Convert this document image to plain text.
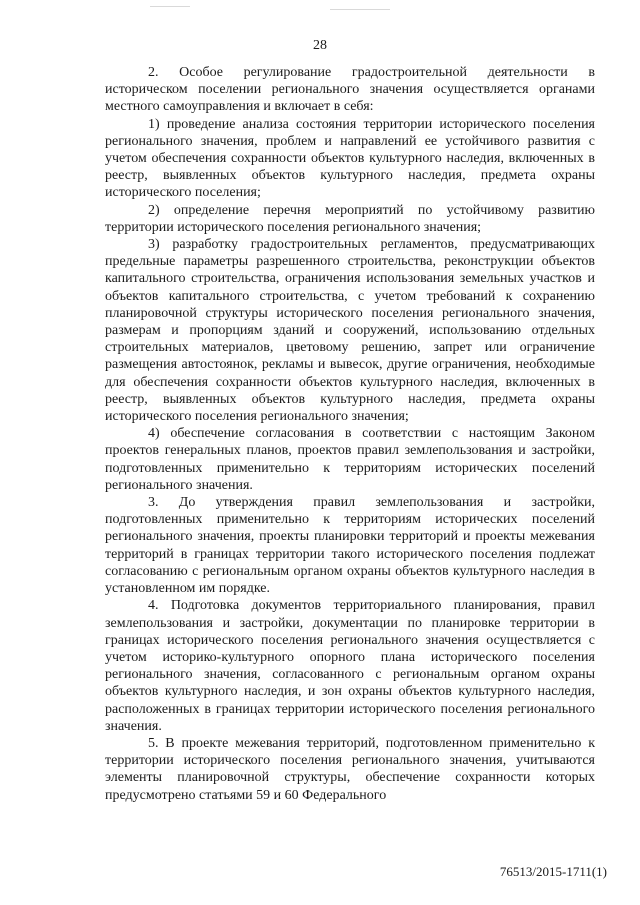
28

2. Особое регулирование градостроительной деятельности в историческом поселении регионального значения осуществляется органами местного самоуправления и включает в себя:

1) проведение анализа состояния территории исторического поселения регионального значения, проблем и направлений ее устойчивого развития с учетом обеспечения сохранности объектов культурного наследия, включенных в реестр, выявленных объектов культурного наследия, предмета охраны исторического поселения;

2) определение перечня мероприятий по устойчивому развитию территории исторического поселения регионального значения;

3) разработку градостроительных регламентов, предусматривающих предельные параметры разрешенного строительства, реконструкции объектов капитального строительства, ограничения использования земельных участков и объектов капитального строительства, с учетом требований к сохранению планировочной структуры исторического поселения регионального значения, размерам и пропорциям зданий и сооружений, использованию отдельных строительных материалов, цветовому решению, запрет или ограничение размещения автостоянок, рекламы и вывесок, другие ограничения, необходимые для обеспечения сохранности объектов культурного наследия, включенных в реестр, выявленных объектов культурного наследия, предмета охраны исторического поселения регионального значения;

4) обеспечение согласования в соответствии с настоящим Законом проектов генеральных планов, проектов правил землепользования и застройки, подготовленных применительно к территориям исторических поселений регионального значения.

3. До утверждения правил землепользования и застройки, подготовленных применительно к территориям исторических поселений регионального значения, проекты планировки территорий и проекты межевания территорий в границах территории такого исторического поселения подлежат согласованию с региональным органом охраны объектов культурного наследия в установленном им порядке.

4. Подготовка документов территориального планирования, правил землепользования и застройки, документации по планировке территории в границах исторического поселения регионального значения осуществляется с учетом историко-культурного опорного плана исторического поселения регионального значения, согласованного с региональным органом охраны объектов культурного наследия, и зон охраны объектов культурного наследия, расположенных в границах территории исторического поселения регионального значения.

5. В проекте межевания территорий, подготовленном применительно к территории исторического поселения регионального значения, учитываются элементы планировочной структуры, обеспечение сохранности которых предусмотрено статьями 59 и 60 Федерального

76513/2015-1711(1)
